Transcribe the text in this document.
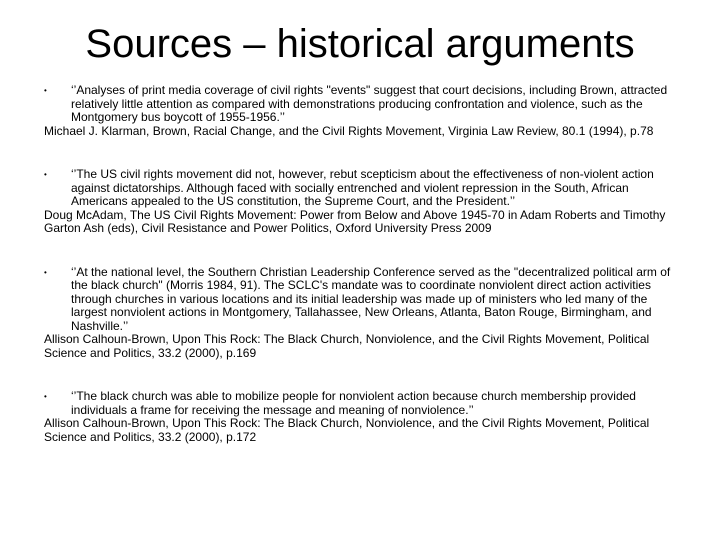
Sources – historical arguments
• ‘’Analyses of print media coverage of civil rights "events" suggest that court decisions, including Brown, attracted relatively little attention as compared with demonstrations producing confrontation and violence, such as the Montgomery bus boycott of 1955-1956.’’

Michael J. Klarman, Brown, Racial Change, and the Civil Rights Movement, Virginia Law Review, 80.1 (1994), p.78

• ‘’The US civil rights movement did not, however, rebut scepticism about the effectiveness of non-violent action against dictatorships. Although faced with socially entrenched and violent repression in the South, African Americans appealed to the US constitution, the Supreme Court, and the President.’’

Doug McAdam, The US Civil Rights Movement: Power from Below and Above 1945-70 in Adam Roberts and Timothy Garton Ash (eds), Civil Resistance and Power Politics, Oxford University Press 2009

• ‘’At the national level, the Southern Christian Leadership Conference served as the "decentralized political arm of the black church" (Morris 1984, 91). The SCLC's mandate was to coordinate nonviolent direct action activities through churches in various locations and its initial leadership was made up of ministers who led many of the largest nonviolent actions in Montgomery, Tallahassee, New Orleans, Atlanta, Baton Rouge, Birmingham, and Nashville.’’

Allison Calhoun-Brown, Upon This Rock: The Black Church, Nonviolence, and the Civil Rights Movement, Political Science and Politics, 33.2 (2000), p.169

• ‘’The black church was able to mobilize people for nonviolent action because church membership provided individuals a frame for receiving the message and meaning of nonviolence.’’

Allison Calhoun-Brown, Upon This Rock: The Black Church, Nonviolence, and the Civil Rights Movement, Political Science and Politics, 33.2 (2000), p.172
